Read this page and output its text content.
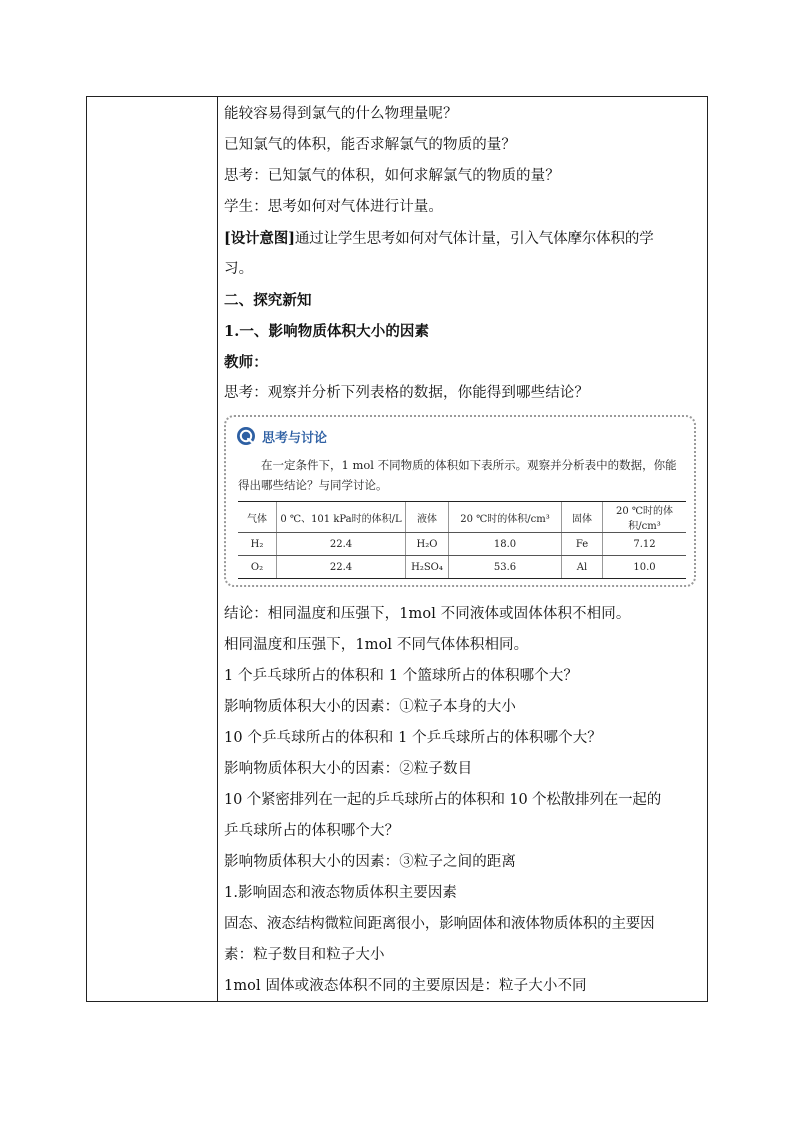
能较容易得到氯气的什么物理量呢？
已知氯气的体积，能否求解氯气的物质的量？
思考：已知氯气的体积，如何求解氯气的物质的量？
学生：思考如何对气体进行计量。
[设计意图]通过让学生思考如何对气体计量，引入气体摩尔体积的学
习。
二、探究新知
1.一、影响物质体积大小的因素
教师：
思考：观察并分析下列表格的数据，你能得到哪些结论？
思考与讨论
在一定条件下，1 mol 不同物质的体积如下表所示。观察并分析表中的数据，你能得出哪些结论？与同学讨论。
气体	0 ℃、101 kPa时的体积/L	液体	20 ℃时的体积/cm³	固体	20 ℃时的体积/cm³
H₂	22.4	H₂O	18.0	Fe	7.12
O₂	22.4	H₂SO₄	53.6	Al	10.0
结论：相同温度和压强下，1mol 不同液体或固体体积不相同。
相同温度和压强下，1mol 不同气体体积相同。
1 个乒乓球所占的体积和 1 个篮球所占的体积哪个大？
影响物质体积大小的因素：①粒子本身的大小
10 个乒乓球所占的体积和 1 个乒乓球所占的体积哪个大？
影响物质体积大小的因素：②粒子数目
10 个紧密排列在一起的乒乓球所占的体积和 10 个松散排列在一起的
乒乓球所占的体积哪个大？
影响物质体积大小的因素：③粒子之间的距离
1.影响固态和液态物质体积主要因素
固态、液态结构微粒间距离很小，影响固体和液体物质体积的主要因
素：粒子数目和粒子大小
1mol 固体或液态体积不同的主要原因是：粒子大小不同
